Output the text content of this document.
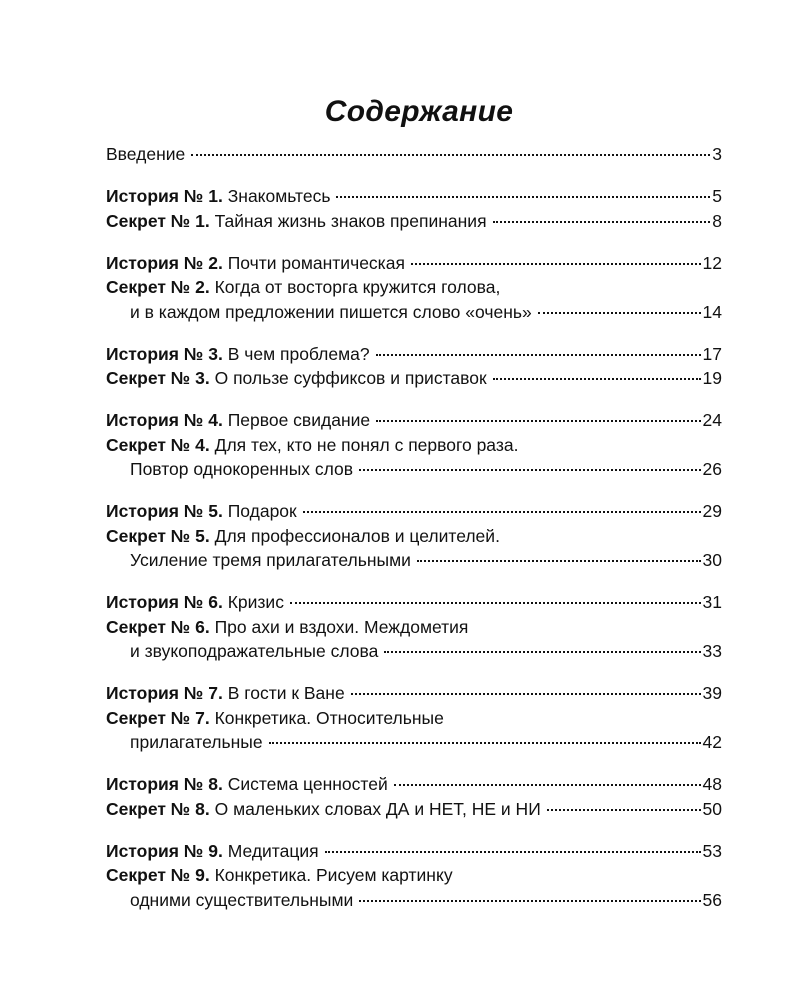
Содержание
Введение	3
История № 1.
Знакомьтесь	5
Секрет № 1.
Тайная жизнь знаков препинания	8
История № 2.
Почти романтическая	12
Секрет № 2.
Когда от восторга кружится голова,
и в каждом предложении пишется слово «очень»	14
История № 3.
В чем проблема?	17
Секрет № 3.
О пользе суффиксов и приставок	19
История № 4.
Первое свидание	24
Секрет № 4.
Для тех, кто не понял с первого раза.
Повтор однокоренных слов	26
История № 5.
Подарок	29
Секрет № 5.
Для профессионалов и целителей.
Усиление тремя прилагательными	30
История № 6.
Кризис	31
Секрет № 6.
Про ахи и вздохи. Междометия
и звукоподражательные слова	33
История № 7.
В гости к Ване	39
Секрет № 7.
Конкретика. Относительные
прилагательные	42
История № 8.
Система ценностей	48
Секрет № 8.
О маленьких словах ДА и НЕТ, НЕ и НИ	50
История № 9.
Медитация	53
Секрет № 9.
Конкретика. Рисуем картинку
одними существительными	56
